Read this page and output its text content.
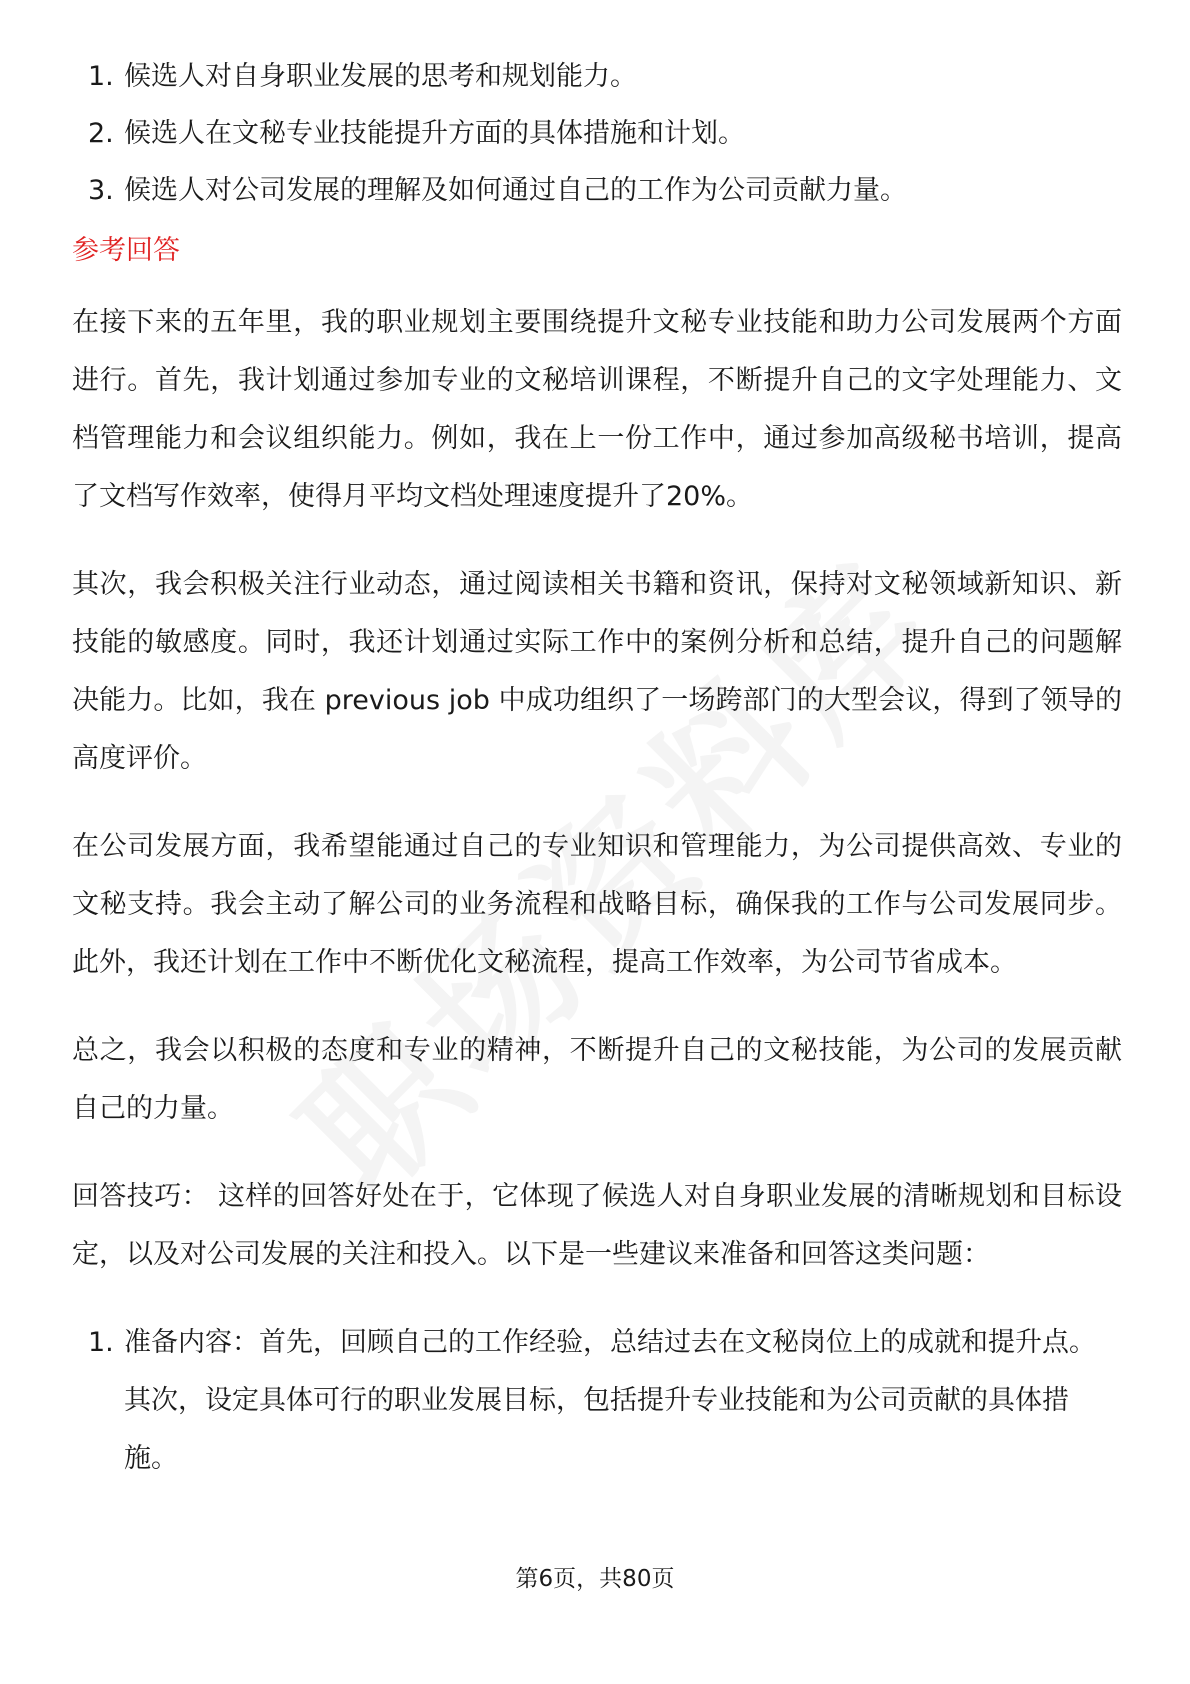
1. 候选人对自身职业发展的思考和规划能力。
2. 候选人在文秘专业技能提升方面的具体措施和计划。
3. 候选人对公司发展的理解及如何通过自己的工作为公司贡献力量。
参考回答

在接下来的五年里，我的职业规划主要围绕提升文秘专业技能和助力公司发展两个方面进行。首先，我计划通过参加专业的文秘培训课程，不断提升自己的文字处理能力、文档管理能力和会议组织能力。例如，我在上一份工作中，通过参加高级秘书培训，提高了文档写作效率，使得月平均文档处理速度提升了20%。

其次，我会积极关注行业动态，通过阅读相关书籍和资讯，保持对文秘领域新知识、新技能的敏感度。同时，我还计划通过实际工作中的案例分析和总结，提升自己的问题解决能力。比如，我在 previous job 中成功组织了一场跨部门的大型会议，得到了领导的高度评价。

在公司发展方面，我希望能通过自己的专业知识和管理能力，为公司提供高效、专业的文秘支持。我会主动了解公司的业务流程和战略目标，确保我的工作与公司发展同步。此外，我还计划在工作中不断优化文秘流程，提高工作效率，为公司节省成本。

总之，我会以积极的态度和专业的精神，不断提升自己的文秘技能，为公司的发展贡献自己的力量。

回答技巧： 这样的回答好处在于，它体现了候选人对自身职业发展的清晰规划和目标设定，以及对公司发展的关注和投入。以下是一些建议来准备和回答这类问题：

1. 准备内容：首先，回顾自己的工作经验，总结过去在文秘岗位上的成就和提升点。其次，设定具体可行的职业发展目标，包括提升专业技能和为公司贡献的具体措施。
第6页，共80页
